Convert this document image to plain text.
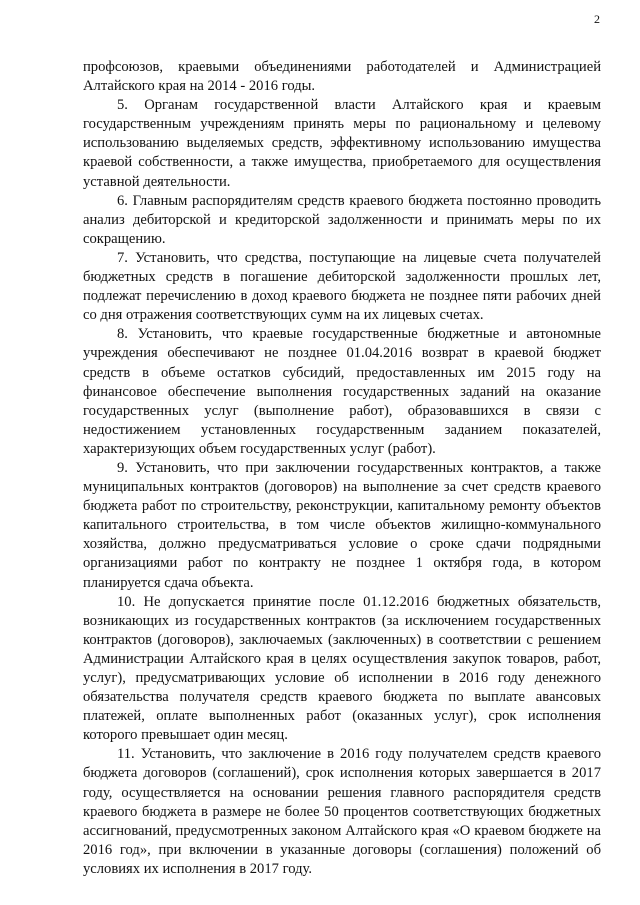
2

профсоюзов, краевыми объединениями работодателей и Администрацией Алтайского края на 2014 - 2016 годы.

5. Органам государственной власти Алтайского края и краевым государственным учреждениям принять меры по рациональному и целевому использованию выделяемых средств, эффективному использованию имущества краевой собственности, а также имущества, приобретаемого для осуществления уставной деятельности.

6. Главным распорядителям средств краевого бюджета постоянно проводить анализ дебиторской и кредиторской задолженности и принимать меры по их сокращению.

7. Установить, что средства, поступающие на лицевые счета получателей бюджетных средств в погашение дебиторской задолженности прошлых лет, подлежат перечислению в доход краевого бюджета не позднее пяти рабочих дней со дня отражения соответствующих сумм на их лицевых счетах.

8. Установить, что краевые государственные бюджетные и автономные учреждения обеспечивают не позднее 01.04.2016 возврат в краевой бюджет средств в объеме остатков субсидий, предоставленных им 2015 году на финансовое обеспечение выполнения государственных заданий на оказание государственных услуг (выполнение работ), образовавшихся в связи с недостижением установленных государственным заданием показателей, характеризующих объем государственных услуг (работ).

9. Установить, что при заключении государственных контрактов, а также муниципальных контрактов (договоров) на выполнение за счет средств краевого бюджета работ по строительству, реконструкции, капитальному ремонту объектов капитального строительства, в том числе объектов жилищно-коммунального хозяйства, должно предусматриваться условие о сроке сдачи подрядными организациями работ по контракту не позднее 1 октября года, в котором планируется сдача объекта.

10. Не допускается принятие после 01.12.2016 бюджетных обязательств, возникающих из государственных контрактов (за исключением государственных контрактов (договоров), заключаемых (заключенных) в соответствии с решением Администрации Алтайского края в целях осуществления закупок товаров, работ, услуг), предусматривающих условие об исполнении в 2016 году денежного обязательства получателя средств краевого бюджета по выплате авансовых платежей, оплате выполненных работ (оказанных услуг), срок исполнения которого превышает один месяц.

11. Установить, что заключение в 2016 году получателем средств краевого бюджета договоров (соглашений), срок исполнения которых завершается в 2017 году, осуществляется на основании решения главного распорядителя средств краевого бюджета в размере не более 50 процентов соответствующих бюджетных ассигнований, предусмотренных законом Алтайского края «О краевом бюджете на 2016 год», при включении в указанные договоры (соглашения) положений об условиях их исполнения в 2017 году.
